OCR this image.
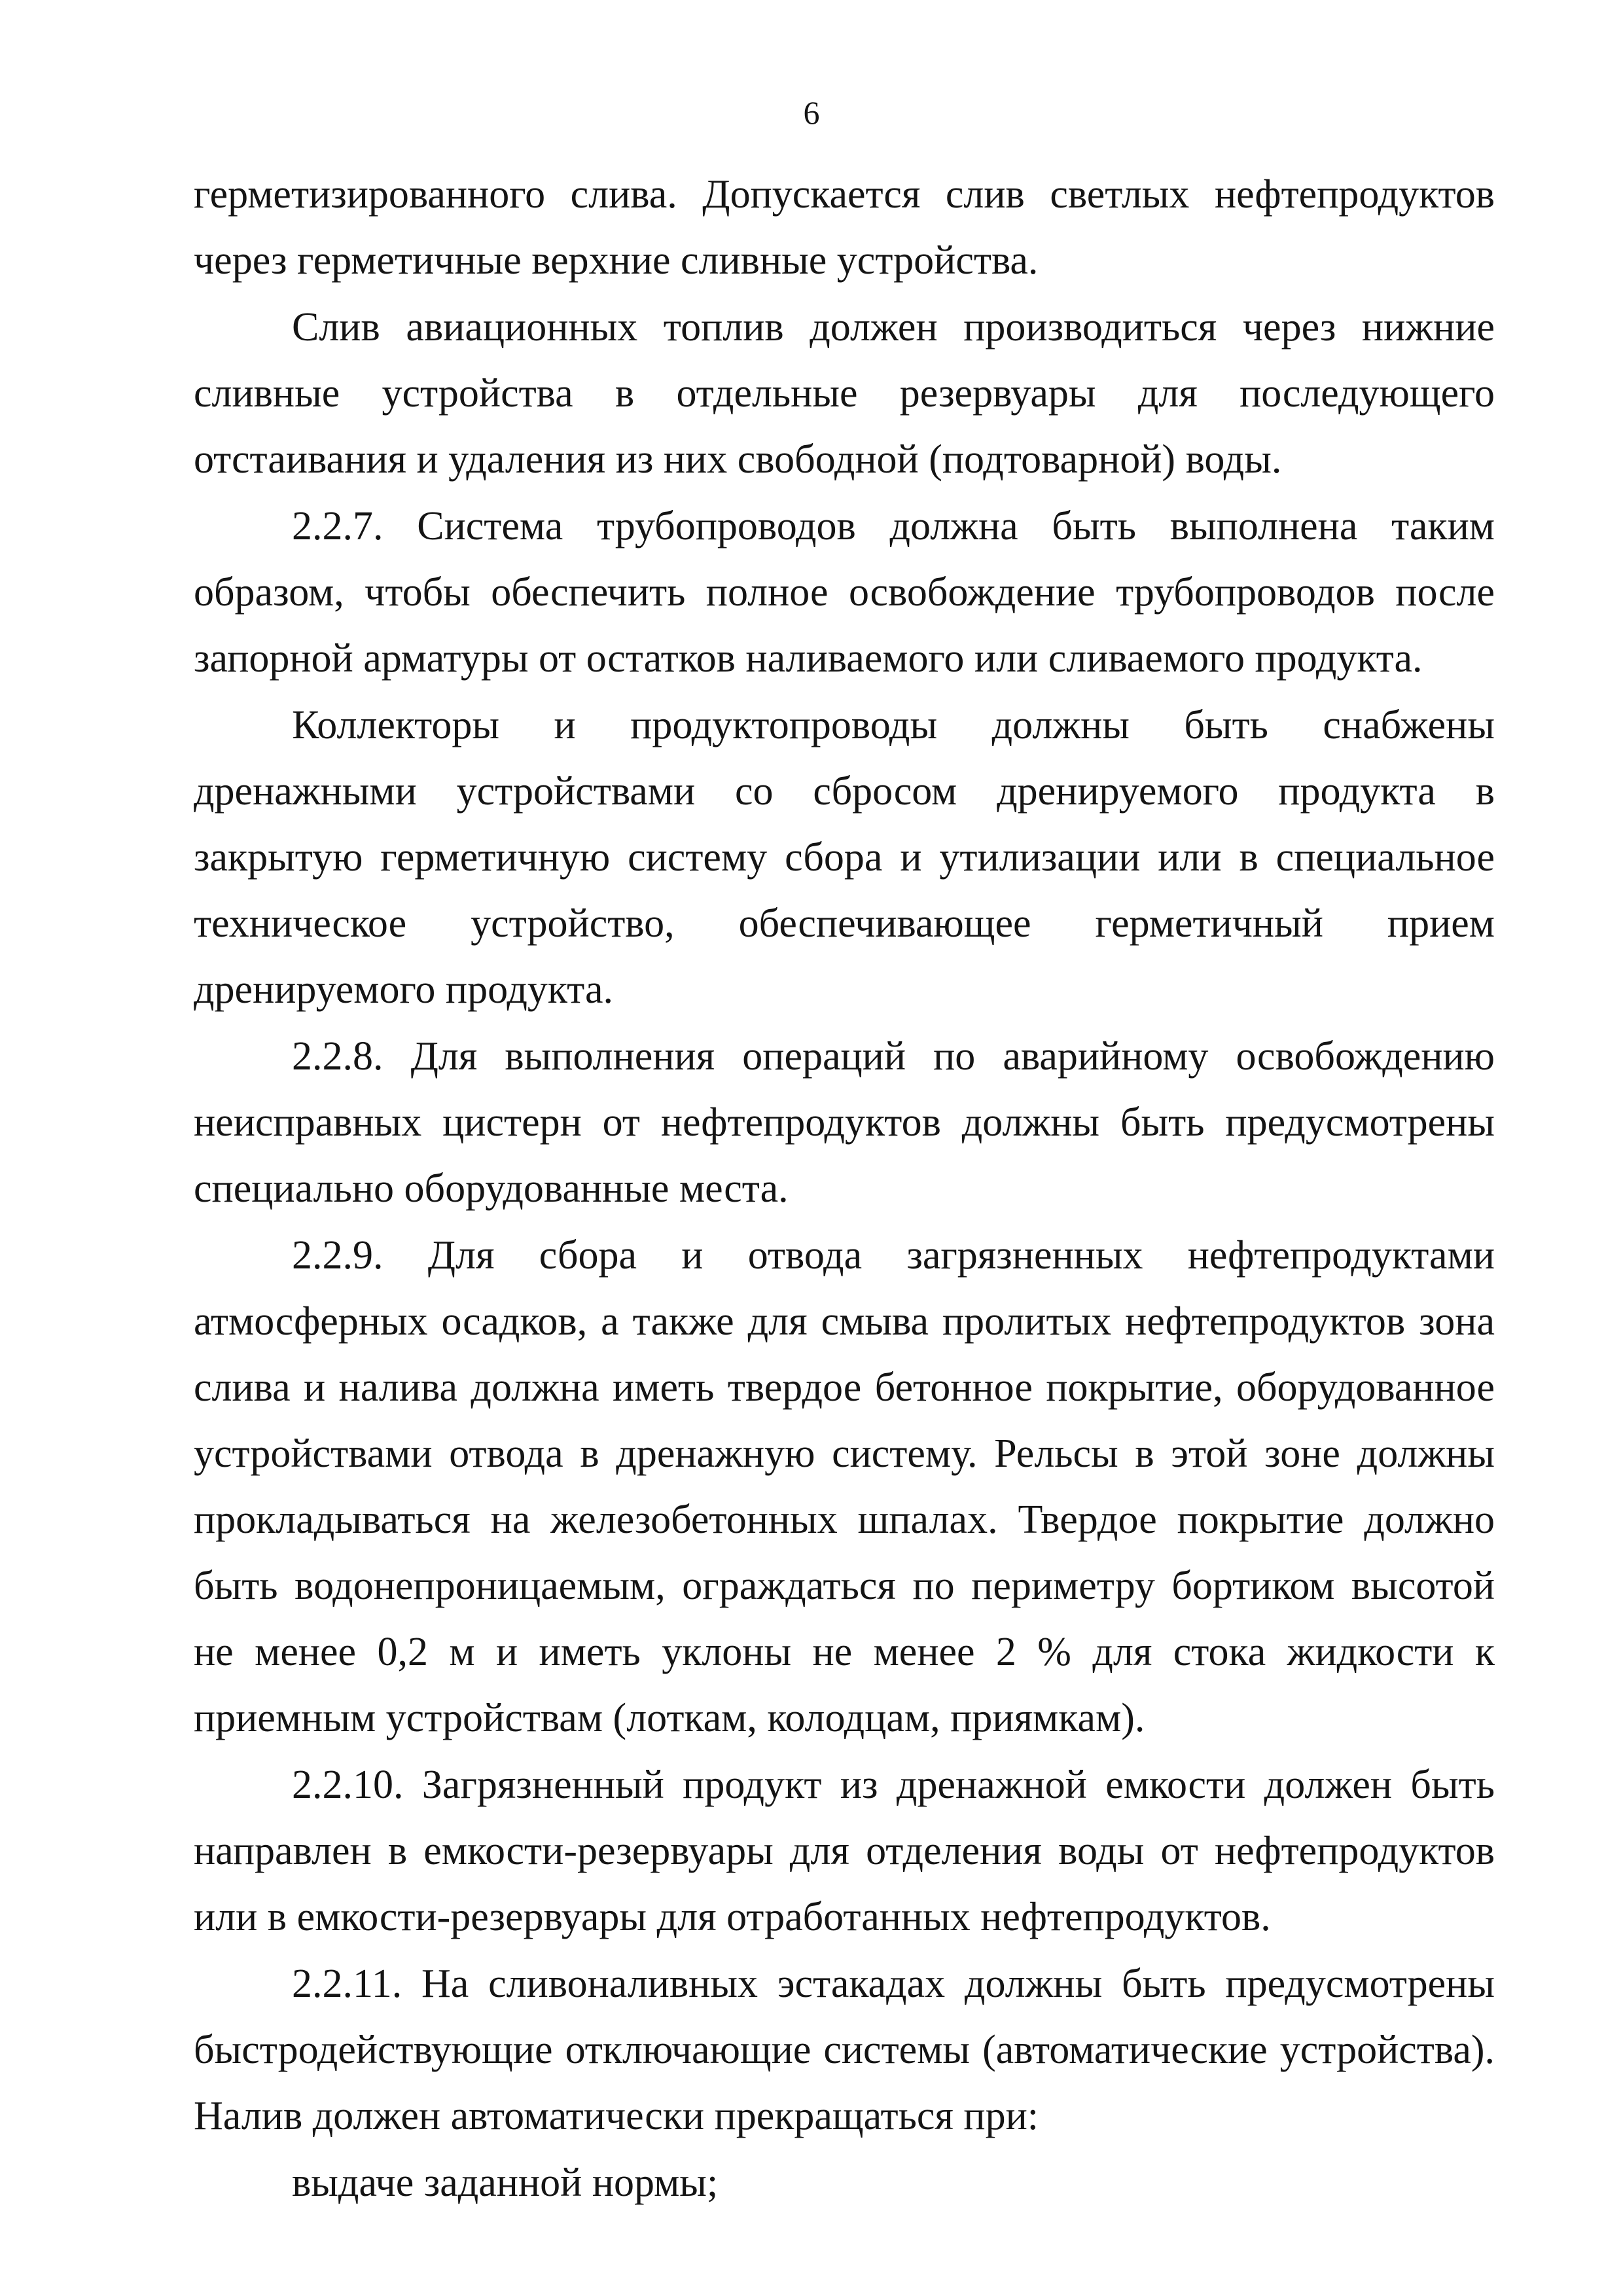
6

герметизированного слива. Допускается слив светлых нефтепродуктов через герметичные верхние сливные устройства.

Слив авиационных топлив должен производиться через нижние сливные устройства в отдельные резервуары для последующего отстаивания и удаления из них свободной (подтоварной) воды.

2.2.7. Система трубопроводов должна быть выполнена таким образом, чтобы обеспечить полное освобождение трубопроводов после запорной арматуры от остатков наливаемого или сливаемого продукта.

Коллекторы и продуктопроводы должны быть снабжены дренажными устройствами со сбросом дренируемого продукта в закрытую герметичную систему сбора и утилизации или в специальное техническое устройство, обеспечивающее герметичный прием дренируемого продукта.

2.2.8. Для выполнения операций по аварийному освобождению неисправных цистерн от нефтепродуктов должны быть предусмотрены специально оборудованные места.

2.2.9. Для сбора и отвода загрязненных нефтепродуктами атмосферных осадков, а также для смыва пролитых нефтепродуктов зона слива и налива должна иметь твердое бетонное покрытие, оборудованное устройствами отвода в дренажную систему. Рельсы в этой зоне должны прокладываться на железобетонных шпалах. Твердое покрытие должно быть водонепроницаемым, ограждаться по периметру бортиком высотой не менее 0,2 м и иметь уклоны не менее 2 % для стока жидкости к приемным устройствам (лоткам, колодцам, приямкам).

2.2.10. Загрязненный продукт из дренажной емкости должен быть направлен в емкости-резервуары для отделения воды от нефтепродуктов или в емкости-резервуары для отработанных нефтепродуктов.

2.2.11. На сливоналивных эстакадах должны быть предусмотрены быстродействующие отключающие системы (автоматические устройства). Налив должен автоматически прекращаться при:

выдаче заданной нормы;
